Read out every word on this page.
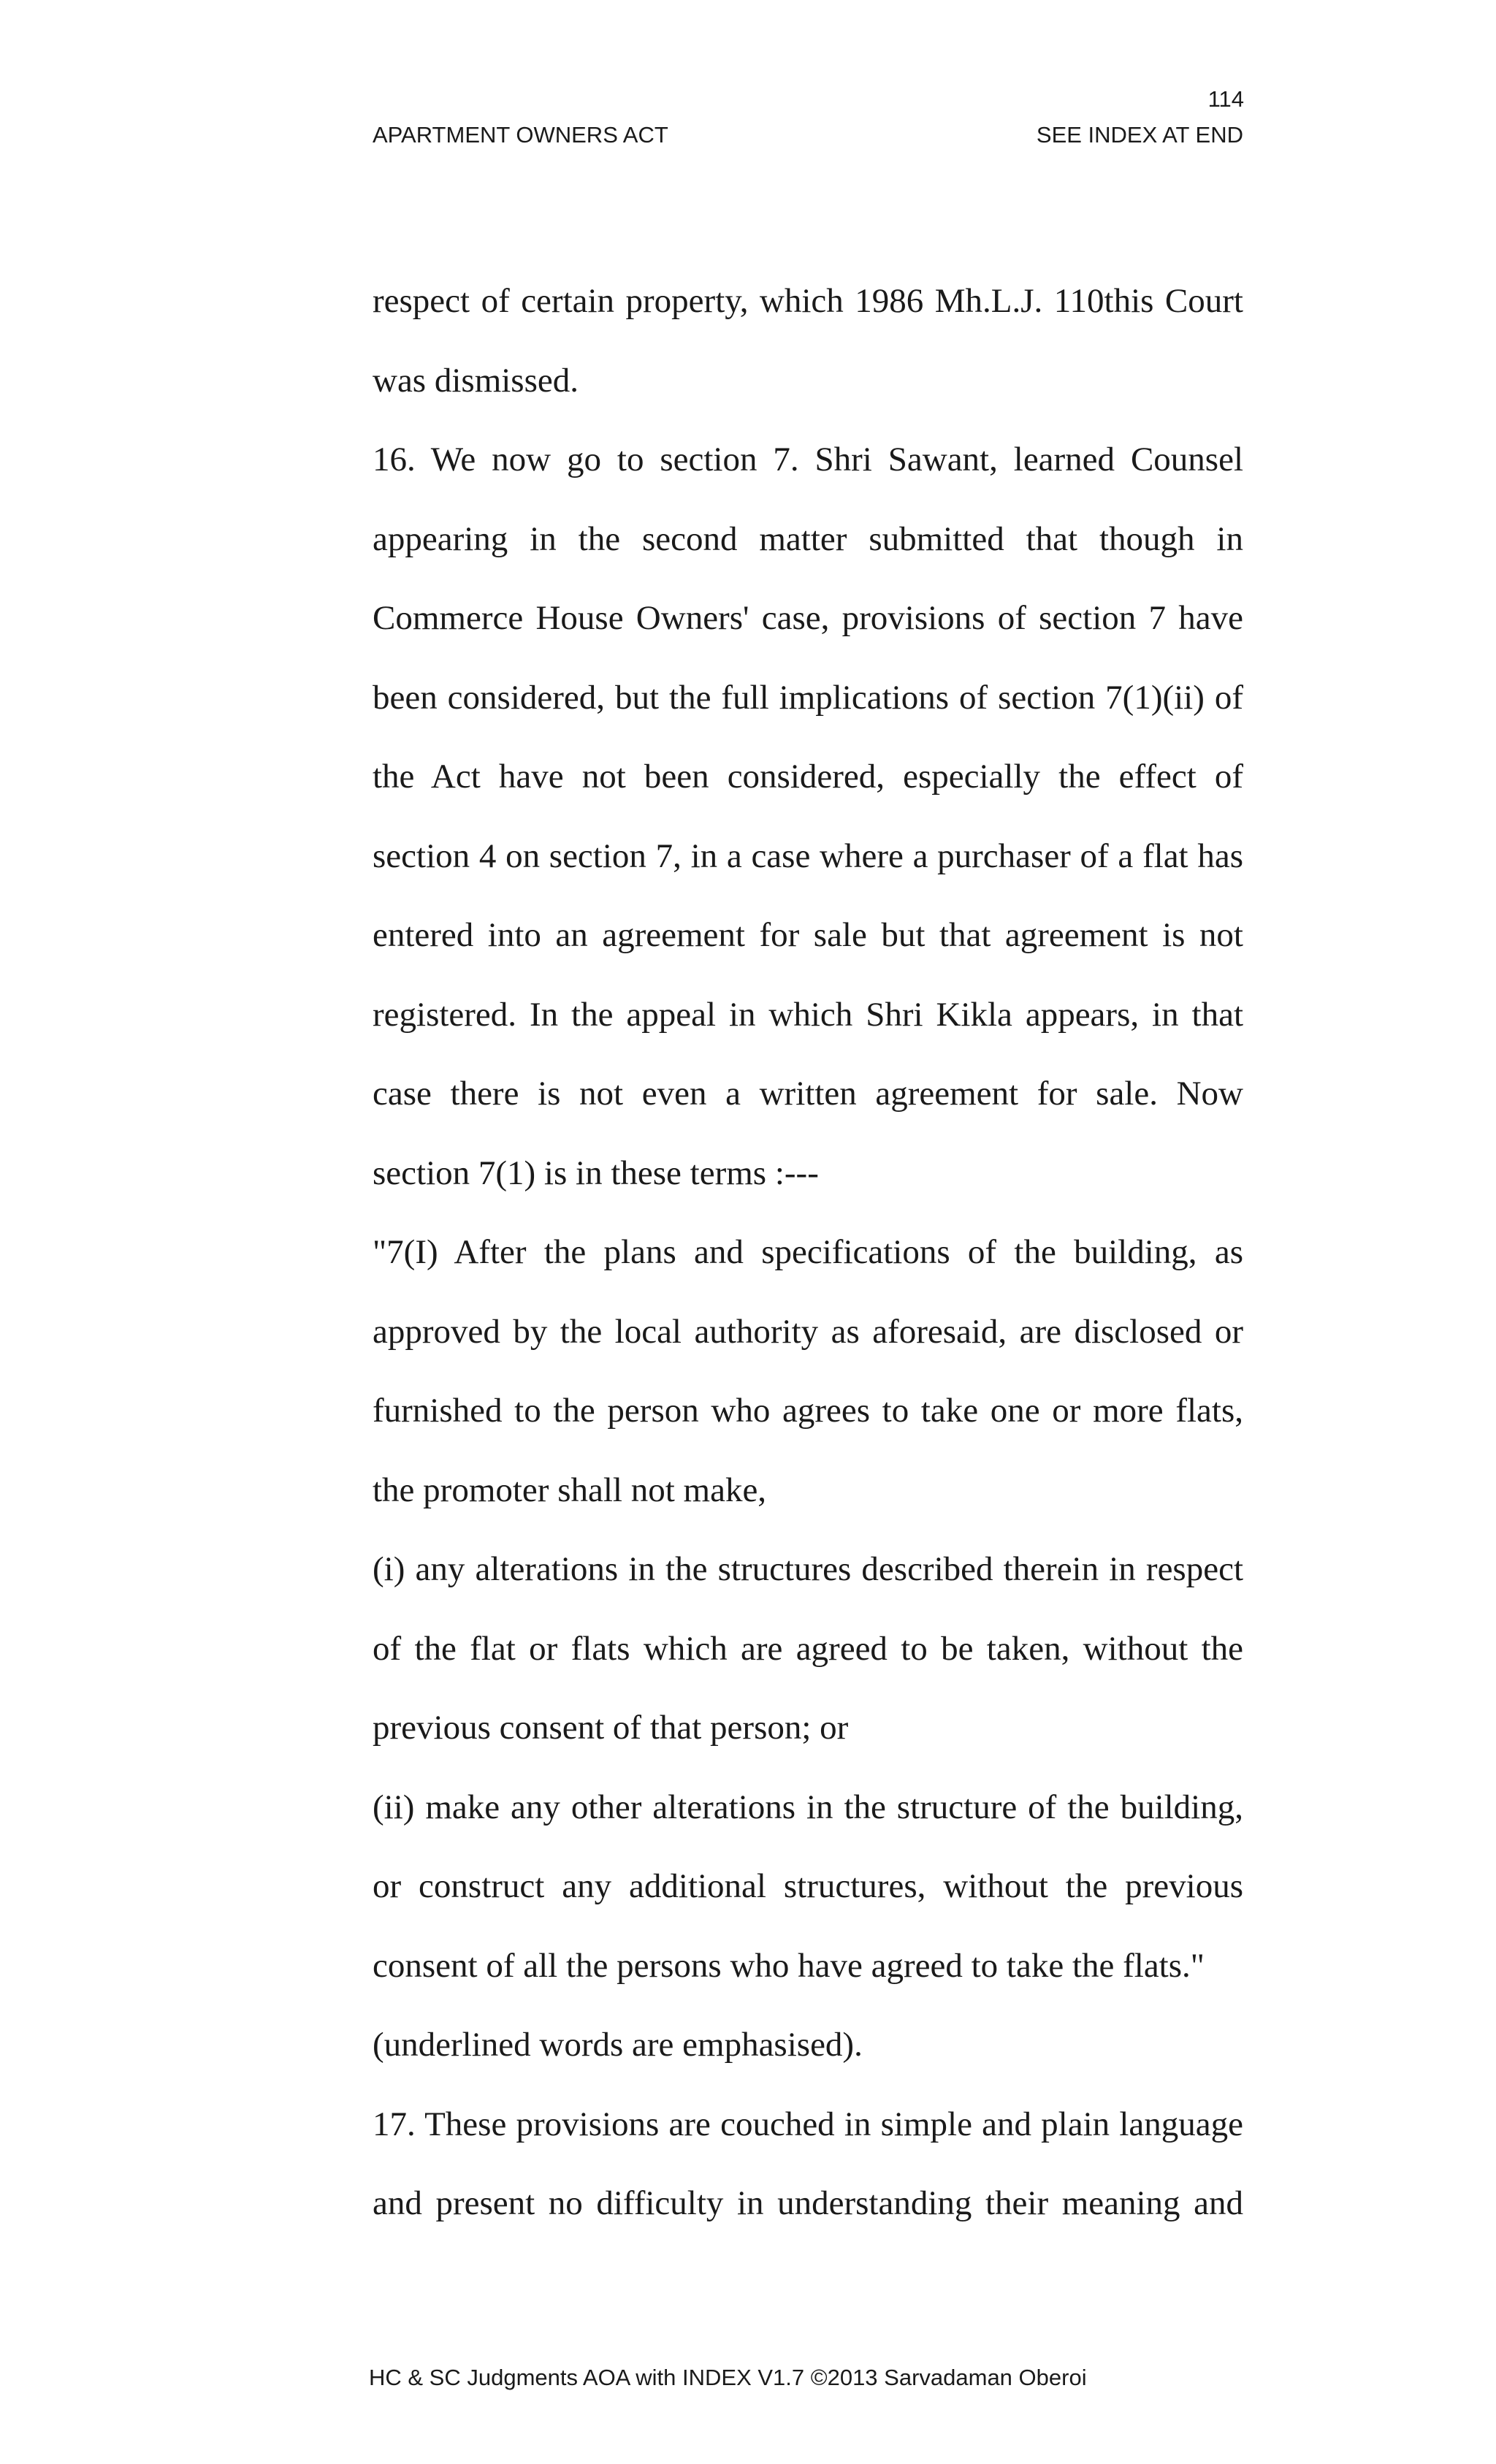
114
APARTMENT OWNERS ACT	SEE INDEX AT END

respect of certain property, which 1986 Mh.L.J. 110this Court was dismissed.

16. We now go to section 7. Shri Sawant, learned Counsel appearing in the second matter submitted that though in Commerce House Owners' case, provisions of section 7 have been considered, but the full implications of section 7(1)(ii) of the Act have not been considered, especially the effect of section 4 on section 7, in a case where a purchaser of a flat has entered into an agreement for sale but that agreement is not registered. In the appeal in which Shri Kikla appears, in that case there is not even a written agreement for sale. Now section 7(1) is in these terms :---

"7(I) After the plans and specifications of the building, as approved by the local authority as aforesaid, are disclosed or furnished to the person who agrees to take one or more flats, the promoter shall not make,

(i) any alterations in the structures described therein in respect of the flat or flats which are agreed to be taken, without the previous consent of that person; or

(ii) make any other alterations in the structure of the building, or construct any additional structures, without the previous consent of all the persons who have agreed to take the flats."

(underlined words are emphasised).

17. These provisions are couched in simple and plain language and present no difficulty in understanding their meaning and

HC & SC Judgments AOA with INDEX V1.7 ©2013 Sarvadaman Oberoi
